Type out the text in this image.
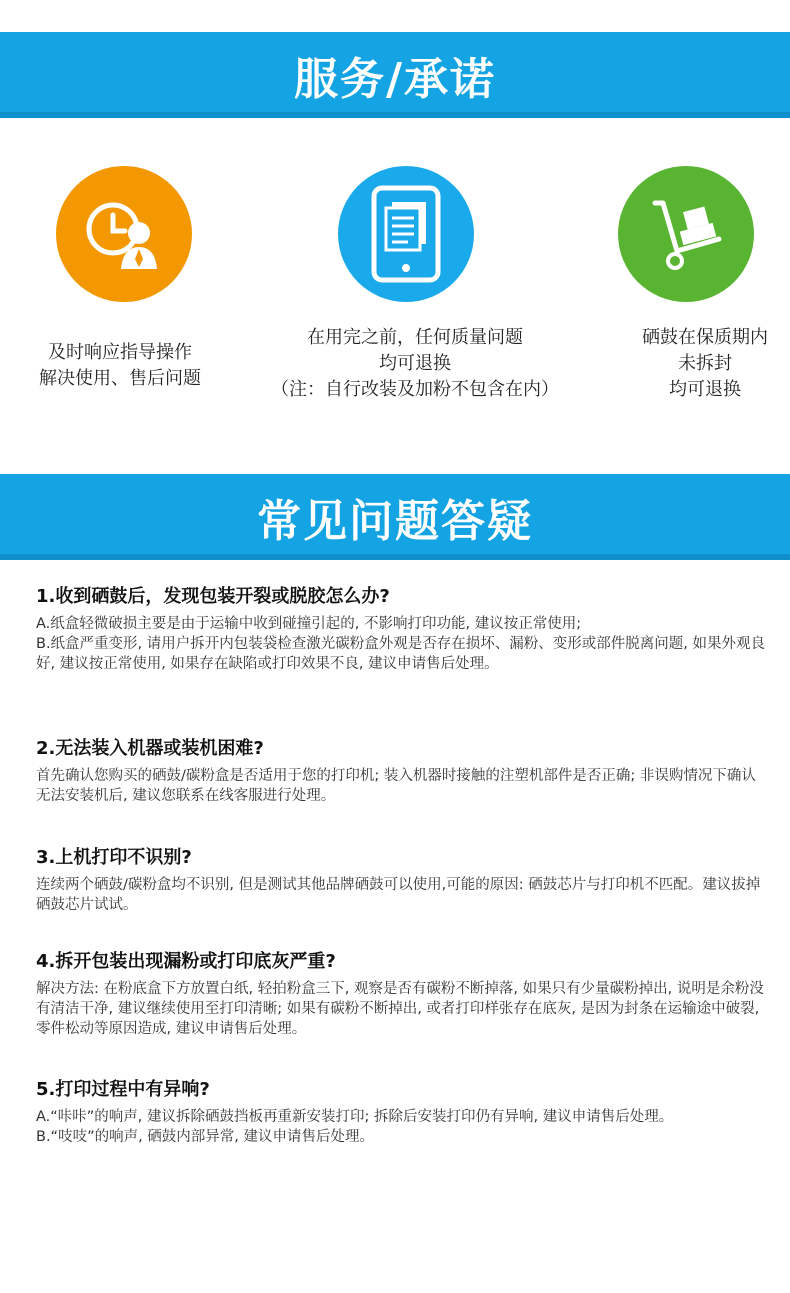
服务/承诺
及时响应指导操作
解决使用、售后问题
在用完之前，任何质量问题
均可退换
（注：自行改装及加粉不包含在内）
硒鼓在保质期内
未拆封
均可退换
常见问题答疑
1.收到硒鼓后，发现包装开裂或脱胶怎么办?

A.纸盒轻微破损主要是由于运输中收到碰撞引起的, 不影响打印功能, 建议按正常使用;

B.纸盒严重变形, 请用户拆开内包装袋检查激光碳粉盒外观是否存在损坏、漏粉、变形或部件脱离问题, 如果外观良好, 建议按正常使用, 如果存在缺陷或打印效果不良, 建议申请售后处理。

2.无法装入机器或装机困难?

首先确认您购买的硒鼓/碳粉盒是否适用于您的打印机; 装入机器时接触的注塑机部件是否正确; 非误购情况下确认无法安装机后, 建议您联系在线客服进行处理。

3.上机打印不识别?

连续两个硒鼓/碳粉盒均不识别, 但是测试其他品牌硒鼓可以使用,可能的原因: 硒鼓芯片与打印机不匹配。建议拔掉硒鼓芯片试试。

4.拆开包装出现漏粉或打印底灰严重?

解决方法: 在粉底盒下方放置白纸, 轻拍粉盒三下, 观察是否有碳粉不断掉落, 如果只有少量碳粉掉出, 说明是余粉没有清洁干净, 建议继续使用至打印清晰; 如果有碳粉不断掉出, 或者打印样张存在底灰, 是因为封条在运输途中破裂, 零件松动等原因造成, 建议申请售后处理。

5.打印过程中有异响?

A.“咔咔”的响声, 建议拆除硒鼓挡板再重新安装打印; 拆除后安装打印仍有异响, 建议申请售后处理。

B.“吱吱”的响声, 硒鼓内部异常, 建议申请售后处理。
